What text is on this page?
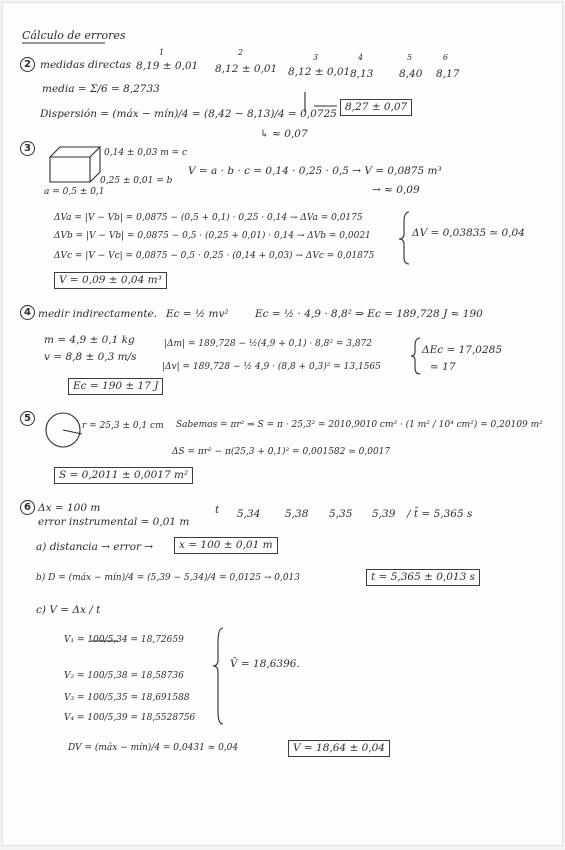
Cálculo de errores
2 medidas directas
1	2
3	4	5	6
8,19 ± 0,01 8,12 ± 0,01 8,12 ± 0,01 8,13 8,40 8,17
media = Σ/6 = 8,2733
Dispersión = (máx − mín)/4 = (8,42 − 8,13)/4 = 0,0725
↳ ≈ 0,07
8,27 ± 0,07
3	0,14 ± 0,03 m = c
0,25 ± 0,01 = b
a = 0,5 ± 0,1
V = a · b · c = 0,14 · 0,25 · 0,5 → V = 0,0875 m³
→ ≈ 0,09
ΔVa = |V − Vb| = 0,0875 − (0,5 + 0,1) · 0,25 · 0,14 → ΔVa = 0,0175
ΔVb = |V − Vb| = 0,0875 − 0,5 · (0,25 + 0,01) · 0,14 → ΔVb = 0,0021
ΔVc = |V − Vc| = 0,0875 − 0,5 · 0,25 · (0,14 + 0,03) → ΔVc = 0,01875
ΔV = 0,03835 ≃ 0,04
V = 0,09 ± 0,04 m³
4 medir indirectamente. Ec = ½ mv²	Ec = ½ · 4,9 · 8,8² ⇒ Ec = 189,728 J ≈ 190
m = 4,9 ± 0,1 kg
v = 8,8 ± 0,3 m/s
|Δm| = 189,728 − ½(4,9 + 0,1) · 8,8² = 3,872
|Δv| = 189,728 − ½ 4,9 · (8,8 + 0,3)² = 13,1565
ΔEc = 17,0285
≃ 17
Ec = 190 ± 17 J
5
r = 25,3 ± 0,1 cm Sabemos = πr² ⇒ S = π · 25,3² = 2010,9010 cm² · (1 m² / 10⁴ cm²) = 0,20109 m²
ΔS = πr² − π(25,3 + 0,1)² = 0,001582 ≃ 0,0017
S = 0,2011 ± 0,0017 m²
6 Δx = 100 m
error instrumental = 0,01 m
t 5,34 5,38 5,35 5,39 / t̄ = 5,365 s
a) distancia → error →	x = 100 ± 0,01 m
b) D = (máx − mín)/4 = (5,39 − 5,34)/4 = 0,0125 → 0,013	t = 5,365 ± 0,013 s
c) V = Δx / t
V₁ = 100/5,34 = 18,72659
V₂ = 100/5,38 = 18,58736
V₃ = 100/5,35 = 18,691588
V₄ = 100/5,39 = 18,5528756
V̄ = 18,6396.
DV = (máx − mín)/4 = 0,0431 ≃ 0,04	V = 18,64 ± 0,04
